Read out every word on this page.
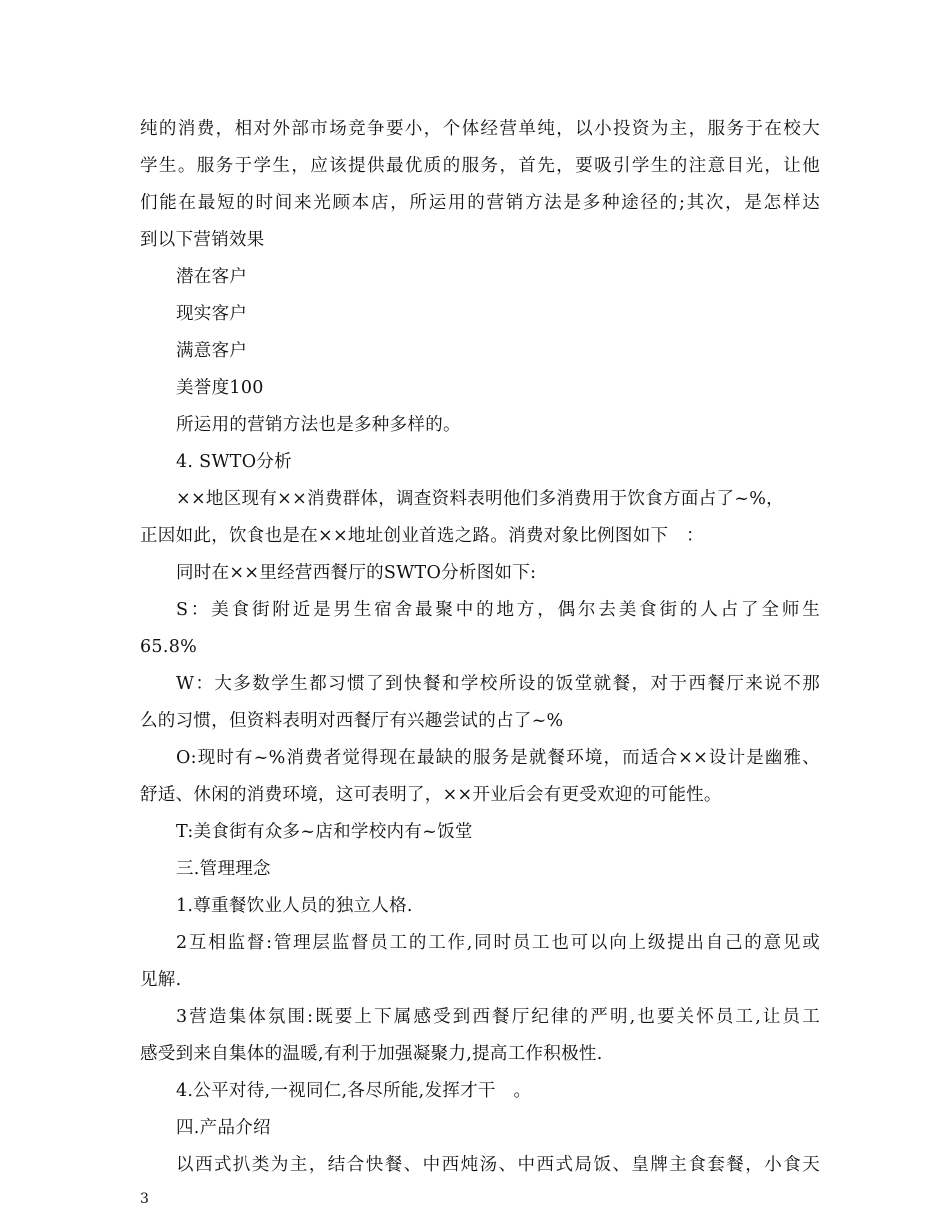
纯的消费，相对外部市场竞争要小，个体经营单纯，以小投资为主，服务于在校大
学生。服务于学生，应该提供最优质的服务，首先，要吸引学生的注意目光，让他
们能在最短的时间来光顾本店，所运用的营销方法是多种途径的;其次，是怎样达
到以下营销效果
潜在客户
现实客户
满意客户
美誉度100
所运用的营销方法也是多种多样的。
4. SWTO分析
××地区现有××消费群体，调查资料表明他们多消费用于饮食方面占了~%，
正因如此，饮食也是在××地址创业首选之路。消费对象比例图如下　：
同时在××里经营西餐厅的SWTO分析图如下:
S：美食街附近是男生宿舍最聚中的地方，偶尔去美食街的人占了全师生
65.8%
W：大多数学生都习惯了到快餐和学校所设的饭堂就餐，对于西餐厅来说不那
么的习惯，但资料表明对西餐厅有兴趣尝试的占了~%
O:现时有~%消费者觉得现在最缺的服务是就餐环境，而适合××设计是幽雅、
舒适、休闲的消费环境，这可表明了，××开业后会有更受欢迎的可能性。
T:美食街有众多~店和学校内有~饭堂
三.管理理念
1.尊重餐饮业人员的独立人格.
2互相监督:管理层监督员工的工作,同时员工也可以向上级提出自己的意见或
见解.
3营造集体氛围:既要上下属感受到西餐厅纪律的严明,也要关怀员工,让员工
感受到来自集体的温暖,有利于加强凝聚力,提高工作积极性.
4.公平对待,一视同仁,各尽所能,发挥才干　。
四.产品介绍
以西式扒类为主，结合快餐、中西炖汤、中西式局饭、皇牌主食套餐，小食天
3
